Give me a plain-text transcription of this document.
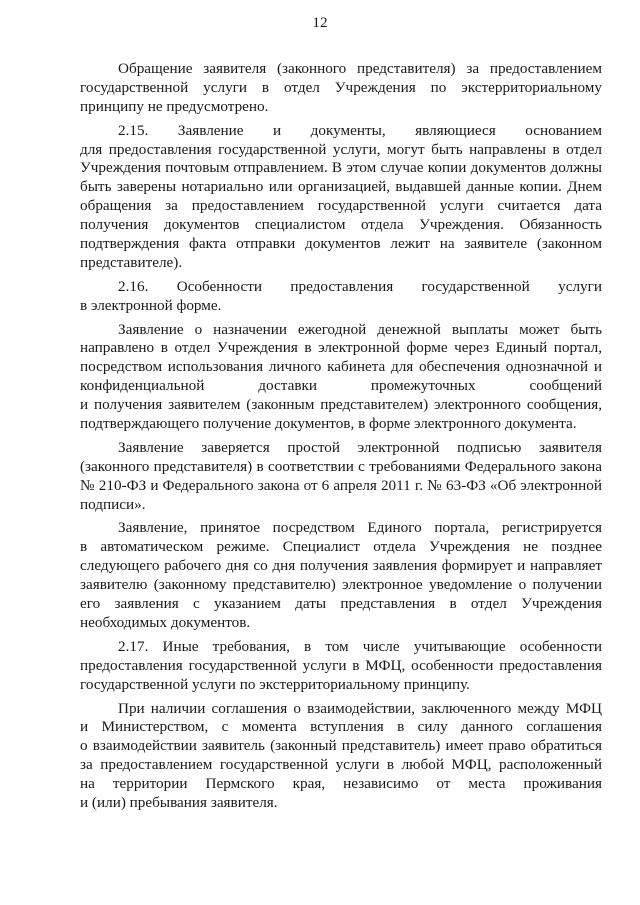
12
Обращение заявителя (законного представителя) за предоставлением
государственной услуги в отдел Учреждения по экстерриториальному
принципу не предусмотрено.
2.15. Заявление и документы, являющиеся основанием
для предоставления государственной услуги, могут быть направлены в отдел
Учреждения почтовым отправлением. В этом случае копии документов должны
быть заверены нотариально или организацией, выдавшей данные копии. Днем
обращения за предоставлением государственной услуги считается дата
получения документов специалистом отдела Учреждения. Обязанность
подтверждения факта отправки документов лежит на заявителе (законном
представителе).
2.16. Особенности предоставления государственной услуги
в электронной форме.
Заявление о назначении ежегодной денежной выплаты может быть
направлено в отдел Учреждения в электронной форме через Единый портал,
посредством использования личного кабинета для обеспечения однозначной и
конфиденциальной доставки промежуточных сообщений
и получения заявителем (законным представителем) электронного сообщения,
подтверждающего получение документов, в форме электронного документа.
Заявление заверяется простой электронной подписью заявителя
(законного представителя) в соответствии с требованиями Федерального закона
№ 210-ФЗ и Федерального закона от 6 апреля 2011 г. № 63-ФЗ «Об электронной
подписи».
Заявление, принятое посредством Единого портала, регистрируется
в автоматическом режиме. Специалист отдела Учреждения не позднее
следующего рабочего дня со дня получения заявления формирует и направляет
заявителю (законному представителю) электронное уведомление о получении
его заявления с указанием даты представления в отдел Учреждения
необходимых документов.
2.17. Иные требования, в том числе учитывающие особенности
предоставления государственной услуги в МФЦ, особенности предоставления
государственной услуги по экстерриториальному принципу.
При наличии соглашения о взаимодействии, заключенного между МФЦ
и Министерством, с момента вступления в силу данного соглашения
о взаимодействии заявитель (законный представитель) имеет право обратиться
за предоставлением государственной услуги в любой МФЦ, расположенный
на территории Пермского края, независимо от места проживания
и (или) пребывания заявителя.
